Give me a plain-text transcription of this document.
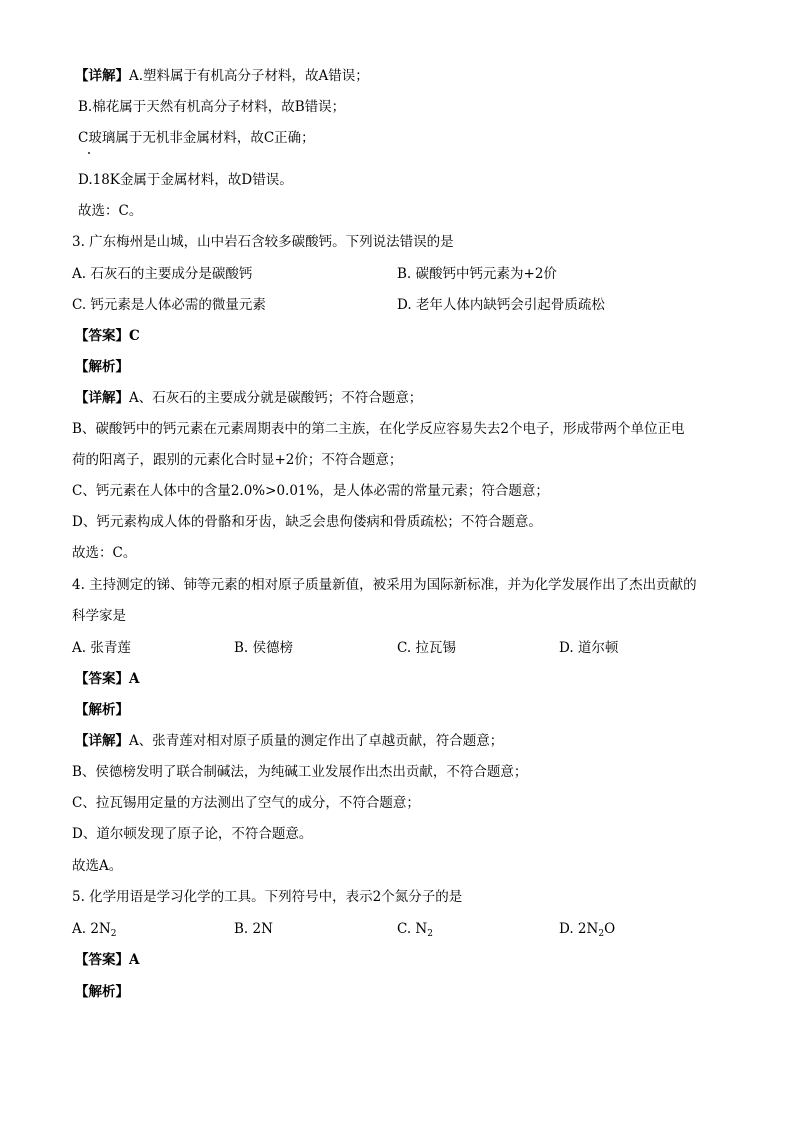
【详解】A.塑料属于有机高分子材料，故A错误；
B.棉花属于天然有机高分子材料，故B错误；
C玻璃属于无机非金属材料，故C正确；
D.18K金属于金属材料，故D错误。
故选：C。
3. 广东梅州是山城，山中岩石含较多碳酸钙。下列说法错误的是
A. 石灰石的主要成分是碳酸钙	B. 碳酸钙中钙元素为+2价
C. 钙元素是人体必需的微量元素	D. 老年人体内缺钙会引起骨质疏松
【答案】C
【解析】
【详解】A、石灰石的主要成分就是碳酸钙；不符合题意；
B、碳酸钙中的钙元素在元素周期表中的第二主族，在化学反应容易失去2个电子，形成带两个单位正电
荷的阳离子，跟别的元素化合时显+2价；不符合题意；
C、钙元素在人体中的含量2.0%>0.01%，是人体必需的常量元素；符合题意；
D、钙元素构成人体的骨骼和牙齿，缺乏会患佝偻病和骨质疏松；不符合题意。
故选：C。
4. 主持测定的锑、铈等元素的相对原子质量新值，被采用为国际新标准，并为化学发展作出了杰出贡献的
科学家是
A. 张青莲	B. 侯德榜	C. 拉瓦锡	D. 道尔顿
【答案】A
【解析】
【详解】A、张青莲对相对原子质量的测定作出了卓越贡献，符合题意；
B、侯德榜发明了联合制碱法，为纯碱工业发展作出杰出贡献，不符合题意；
C、拉瓦锡用定量的方法测出了空气的成分，不符合题意；
D、道尔顿发现了原子论，不符合题意。
故选A。
5. 化学用语是学习化学的工具。下列符号中，表示2个氮分子的是
A. $2N_2$	B. 2N	C. $N_2$	D. $2N_2O$
【答案】A
【解析】
